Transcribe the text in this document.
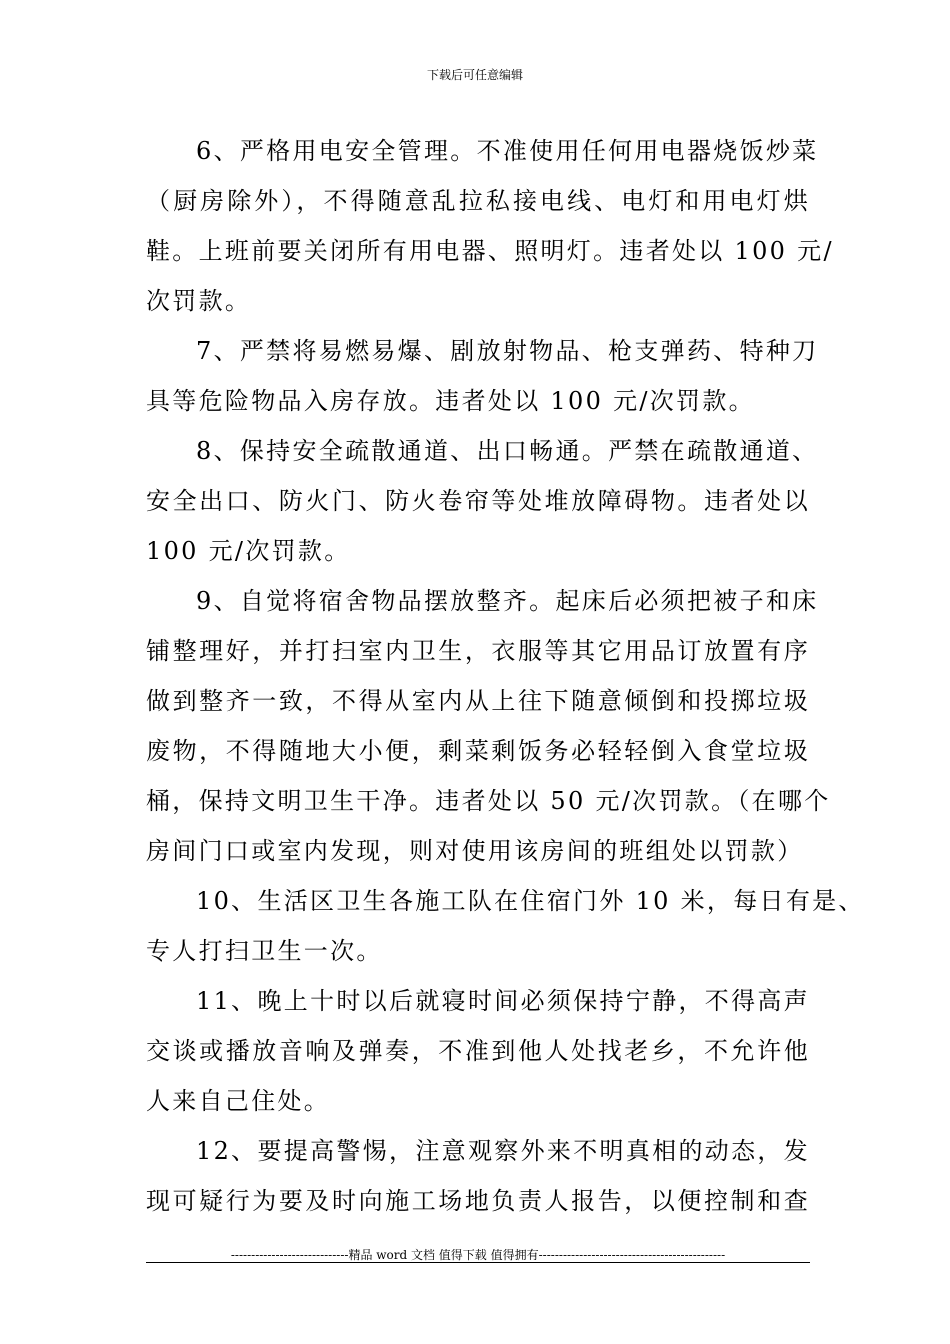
下载后可任意编辑
6、严格用电安全管理。不准使用任何用电器烧饭炒菜
（厨房除外），不得随意乱拉私接电线、电灯和用电灯烘
鞋。上班前要关闭所有用电器、照明灯。违者处以 100 元/
次罚款。
7、严禁将易燃易爆、剧放射物品、枪支弹药、特种刀
具等危险物品入房存放。违者处以 100 元/次罚款。
8、保持安全疏散通道、出口畅通。严禁在疏散通道、
安全出口、防火门、防火卷帘等处堆放障碍物。违者处以
100 元/次罚款。
9、自觉将宿舍物品摆放整齐。起床后必须把被子和床
铺整理好，并打扫室内卫生，衣服等其它用品订放置有序
做到整齐一致，不得从室内从上往下随意倾倒和投掷垃圾
废物，不得随地大小便，剩菜剩饭务必轻轻倒入食堂垃圾
桶，保持文明卫生干净。违者处以 50 元/次罚款。（在哪个
房间门口或室内发现，则对使用该房间的班组处以罚款）
10、生活区卫生各施工队在住宿门外 10 米，每日有是、
专人打扫卫生一次。
11、晚上十时以后就寝时间必须保持宁静，不得高声
交谈或播放音响及弹奏，不准到他人处找老乡，不允许他
人来自己住处。
12、要提高警惕，注意观察外来不明真相的动态，发
现可疑行为要及时向施工场地负责人报告，以便控制和查
-----------------------------精品 word 文档 值得下载 值得拥有----------------------------------------------
